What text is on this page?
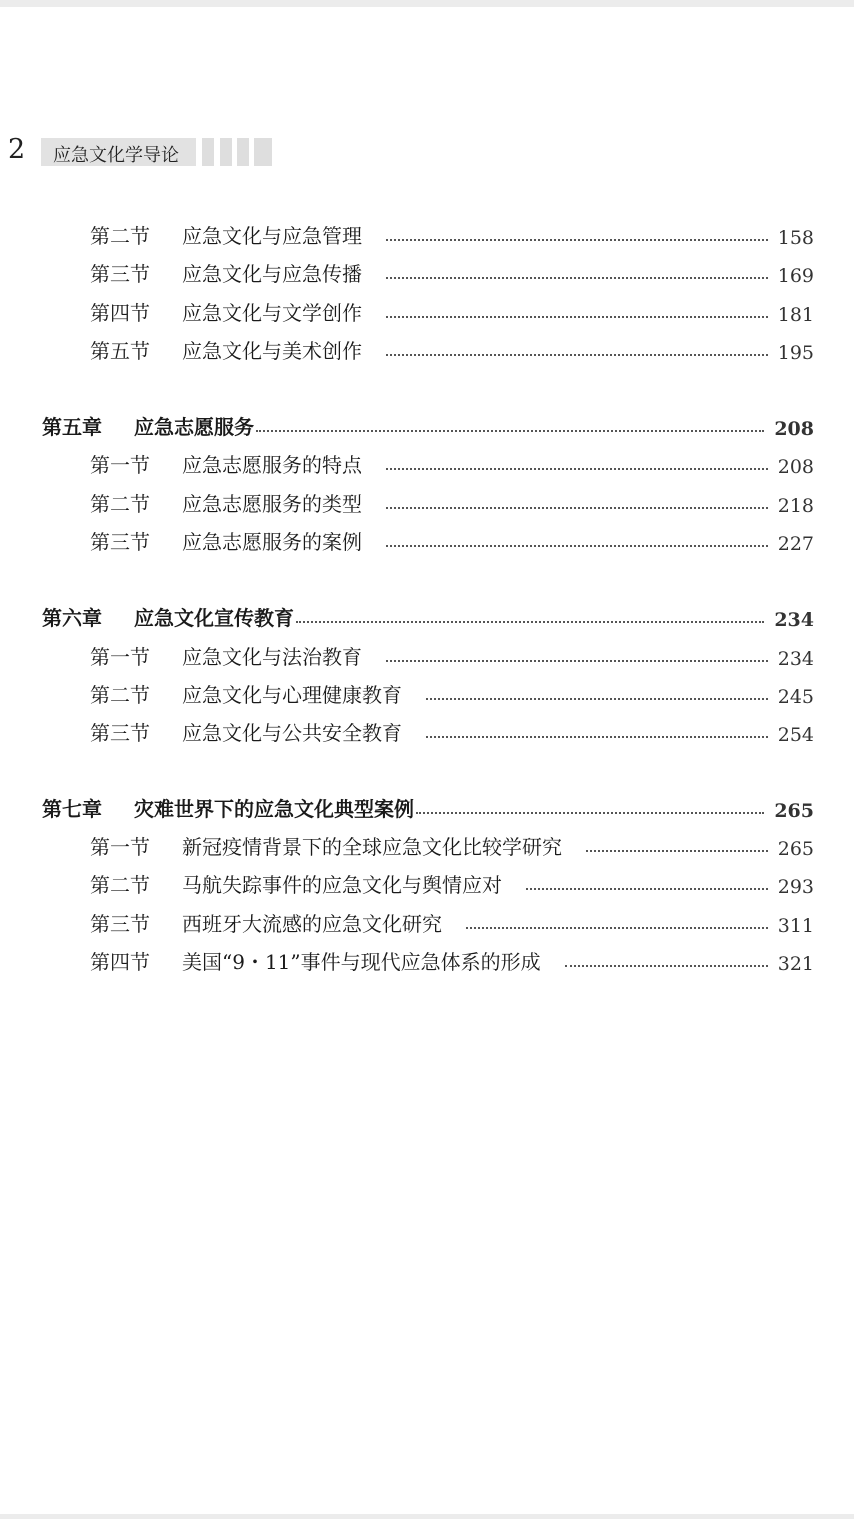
2 应急文化学导论
第二节 应急文化与应急管理	158
第三节 应急文化与应急传播	169
第四节 应急文化与文学创作	181
第五节 应急文化与美术创作	195
第五章 应急志愿服务	208
第一节 应急志愿服务的特点	208
第二节 应急志愿服务的类型	218
第三节 应急志愿服务的案例	227
第六章 应急文化宣传教育	234
第一节 应急文化与法治教育	234
第二节 应急文化与心理健康教育	245
第三节 应急文化与公共安全教育	254
第七章 灾难世界下的应急文化典型案例	265
第一节 新冠疫情背景下的全球应急文化比较学研究	265
第二节 马航失踪事件的应急文化与舆情应对	293
第三节 西班牙大流感的应急文化研究	311
第四节 美国“9・11”事件与现代应急体系的形成	321
